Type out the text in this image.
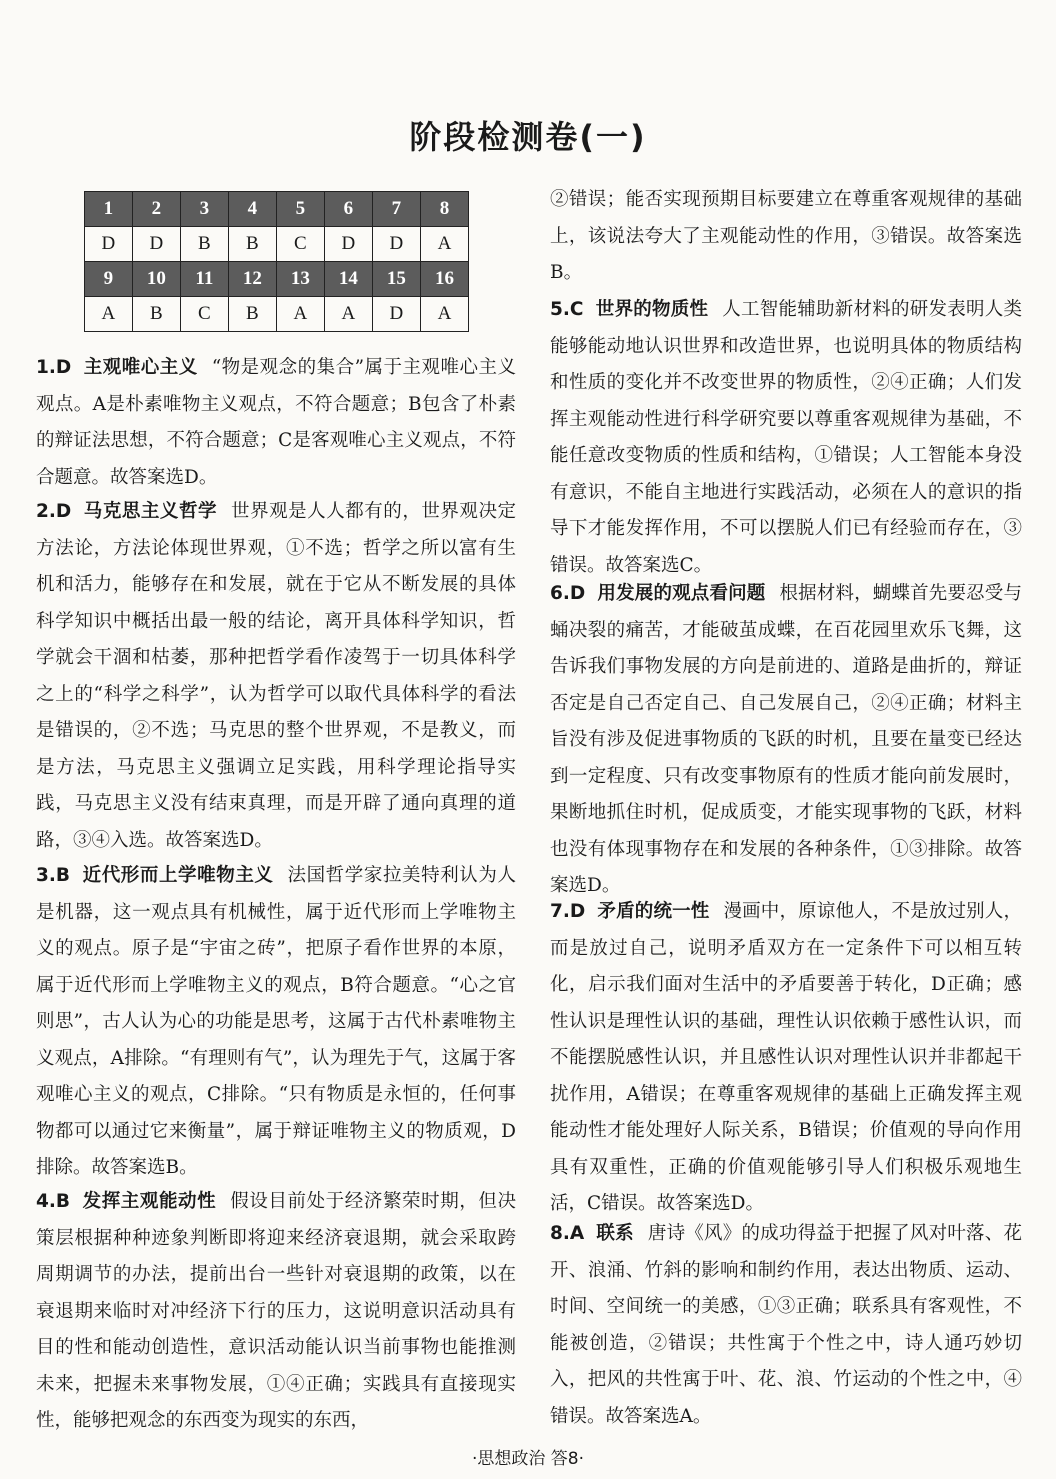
阶段检测卷(一)
1	2	3	4	5	6	7	8
D	D	B	B	C	D	D	A
9	10	11	12	13	14	15	16
A	B	C	B	A	A	D	A
1.D 主观唯心主义 “物是观念的集合”属于主观唯心主义观点。A是朴素唯物主义观点，不符合题意；B包含了朴素的辩证法思想，不符合题意；C是客观唯心主义观点，不符合题意。故答案选D。
2.D 马克思主义哲学 世界观是人人都有的，世界观决定方法论，方法论体现世界观，①不选；哲学之所以富有生机和活力，能够存在和发展，就在于它从不断发展的具体科学知识中概括出最一般的结论，离开具体科学知识，哲学就会干涸和枯萎，那种把哲学看作凌驾于一切具体科学之上的“科学之科学”，认为哲学可以取代具体科学的看法是错误的，②不选；马克思的整个世界观，不是教义，而是方法，马克思主义强调立足实践，用科学理论指导实践，马克思主义没有结束真理，而是开辟了通向真理的道路，③④入选。故答案选D。
3.B 近代形而上学唯物主义 法国哲学家拉美特利认为人是机器，这一观点具有机械性，属于近代形而上学唯物主义的观点。原子是“宇宙之砖”，把原子看作世界的本原，属于近代形而上学唯物主义的观点，B符合题意。“心之官则思”，古人认为心的功能是思考，这属于古代朴素唯物主义观点，A排除。“有理则有气”，认为理先于气，这属于客观唯心主义的观点，C排除。“只有物质是永恒的，任何事物都可以通过它来衡量”，属于辩证唯物主义的物质观，D排除。故答案选B。
4.B 发挥主观能动性 假设目前处于经济繁荣时期，但决策层根据种种迹象判断即将迎来经济衰退期，就会采取跨周期调节的办法，提前出台一些针对衰退期的政策，以在衰退期来临时对冲经济下行的压力，这说明意识活动具有目的性和能动创造性，意识活动能认识当前事物也能推测未来，把握未来事物发展，①④正确；实践具有直接现实性，能够把观念的东西变为现实的东西，
②错误；能否实现预期目标要建立在尊重客观规律的基础上，该说法夸大了主观能动性的作用，③错误。故答案选B。
5.C 世界的物质性 人工智能辅助新材料的研发表明人类能够能动地认识世界和改造世界，也说明具体的物质结构和性质的变化并不改变世界的物质性，②④正确；人们发挥主观能动性进行科学研究要以尊重客观规律为基础，不能任意改变物质的性质和结构，①错误；人工智能本身没有意识，不能自主地进行实践活动，必须在人的意识的指导下才能发挥作用，不可以摆脱人们已有经验而存在，③错误。故答案选C。
6.D 用发展的观点看问题 根据材料，蝴蝶首先要忍受与蛹决裂的痛苦，才能破茧成蝶，在百花园里欢乐飞舞，这告诉我们事物发展的方向是前进的、道路是曲折的，辩证否定是自己否定自己、自己发展自己，②④正确；材料主旨没有涉及促进事物质的飞跃的时机，且要在量变已经达到一定程度、只有改变事物原有的性质才能向前发展时，果断地抓住时机，促成质变，才能实现事物的飞跃，材料也没有体现事物存在和发展的各种条件，①③排除。故答案选D。
7.D 矛盾的统一性 漫画中，原谅他人，不是放过别人，而是放过自己，说明矛盾双方在一定条件下可以相互转化，启示我们面对生活中的矛盾要善于转化，D正确；感性认识是理性认识的基础，理性认识依赖于感性认识，而不能摆脱感性认识，并且感性认识对理性认识并非都起干扰作用，A错误；在尊重客观规律的基础上正确发挥主观能动性才能处理好人际关系，B错误；价值观的导向作用具有双重性，正确的价值观能够引导人们积极乐观地生活，C错误。故答案选D。
8.A 联系 唐诗《风》的成功得益于把握了风对叶落、花开、浪涌、竹斜的影响和制约作用，表达出物质、运动、时间、空间统一的美感，①③正确；联系具有客观性，不能被创造，②错误；共性寓于个性之中，诗人通巧妙切入，把风的共性寓于叶、花、浪、竹运动的个性之中，④错误。故答案选A。
·思想政治 答8·
